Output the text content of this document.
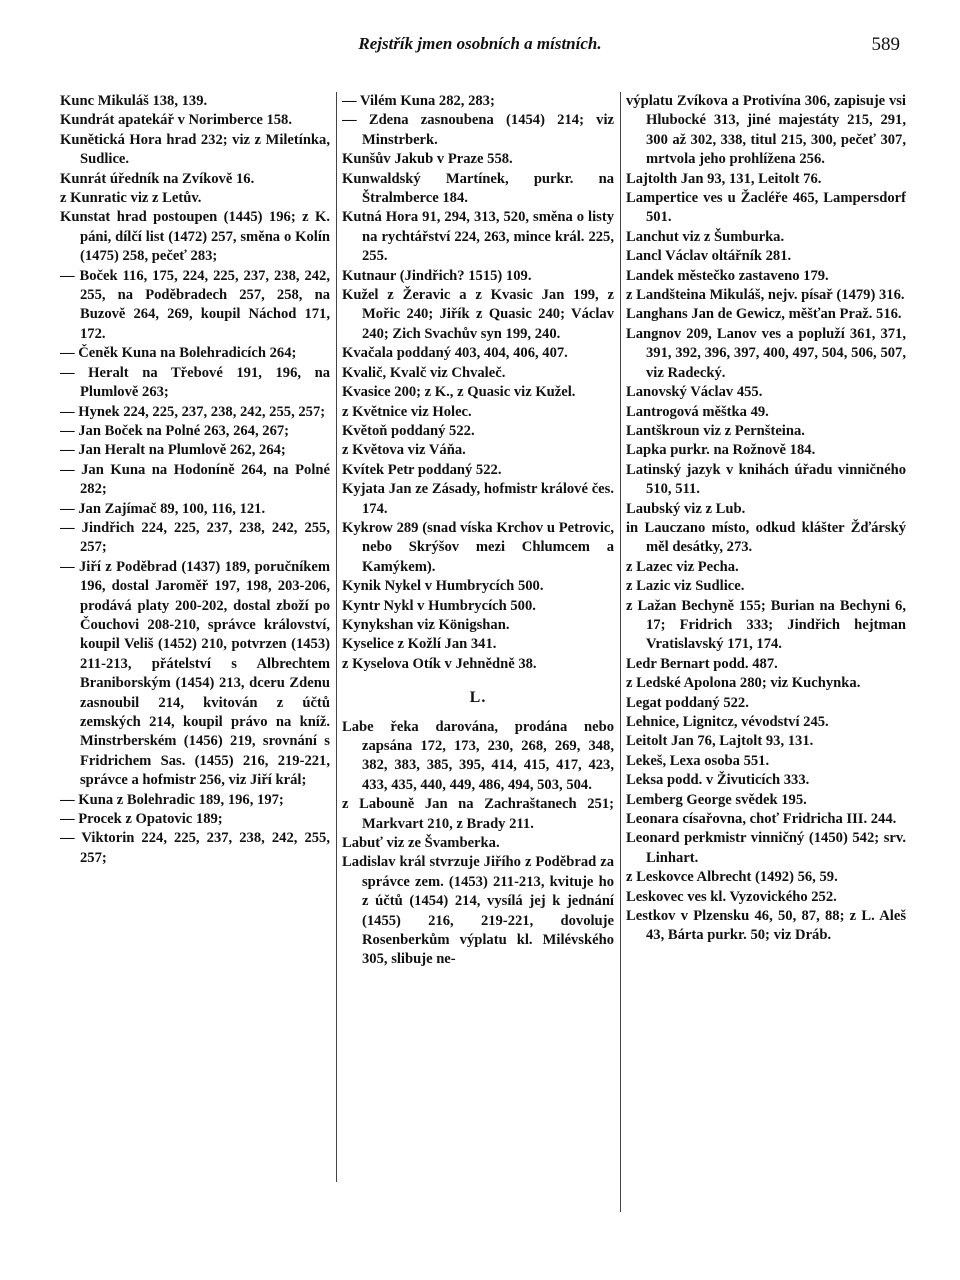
Rejstřík jmen osobních a místních.	589

Kunc Mikuláš 138, 139.

Kundrát apatekář v Norimberce 158.

Kunětická Hora hrad 232; viz z Miletínka, Sudlice.

Kunrát úředník na Zvíkově 16.

z Kunratic viz z Letův.

Kunstat hrad postoupen (1445) 196; z K. páni, dílčí list (1472) 257, směna o Kolín (1475) 258, pečeť 283;

— Boček 116, 175, 224, 225, 237, 238, 242, 255, na Poděbradech 257, 258, na Buzově 264, 269, koupil Náchod 171, 172.

— Čeněk Kuna na Bolehradicích 264;

— Heralt na Třebové 191, 196, na Plumlově 263;

— Hynek 224, 225, 237, 238, 242, 255, 257;

— Jan Boček na Polné 263, 264, 267;

— Jan Heralt na Plumlově 262, 264;

— Jan Kuna na Hodoníně 264, na Polné 282;

— Jan Zajímač 89, 100, 116, 121.

— Jindřich 224, 225, 237, 238, 242, 255, 257;

— Jiří z Poděbrad (1437) 189, poručníkem 196, dostal Jaroměř 197, 198, 203-206, prodává platy 200-202, dostal zboží po Čouchovi 208-210, správce království, koupil Veliš (1452) 210, potvrzen (1453) 211-213, přátelství s Albrechtem Braniborským (1454) 213, dceru Zdenu zasnoubil 214, kvitován z účtů zemských 214, koupil právo na kníž. Minstrberském (1456) 219, srovnání s Fridrichem Sas. (1455) 216, 219-221, správce a hofmistr 256, viz Jiří král;

— Kuna z Bolehradic 189, 196, 197;

— Procek z Opatovic 189;

— Viktorin 224, 225, 237, 238, 242, 255, 257;

— Vilém Kuna 282, 283;

— Zdena zasnoubena (1454) 214; viz Minstrberk.

Kunšův Jakub v Praze 558.

Kunwaldský Martínek, purkr. na Štralmberce 184.

Kutná Hora 91, 294, 313, 520, směna o listy na rychtářství 224, 263, mince král. 225, 255.

Kutnaur (Jindřich? 1515) 109.

Kužel z Žeravic a z Kvasic Jan 199, z Mořic 240; Jiřík z Quasic 240; Václav 240; Zich Svachův syn 199, 240.

Kvačala poddaný 403, 404, 406, 407.

Kvalič, Kvalč viz Chvaleč.

Kvasice 200; z K., z Quasic viz Kužel.

z Květnice viz Holec.

Květoň poddaný 522.

z Květova viz Váňa.

Kvítek Petr poddaný 522.

Kyjata Jan ze Zásady, hofmistr králové čes. 174.

Kykrow 289 (snad víska Krchov u Petrovic, nebo Skrýšov mezi Chlumcem a Kamýkem).

Kynik Nykel v Humbrycích 500.

Kyntr Nykl v Humbrycích 500.

Kynykshan viz Königshan.

Kyselice z Kožlí Jan 341.

z Kyselova Otík v Jehnědně 38.

L.

Labe řeka darována, prodána nebo zapsána 172, 173, 230, 268, 269, 348, 382, 383, 385, 395, 414, 415, 417, 423, 433, 435, 440, 449, 486, 494, 503, 504.

z Labouně Jan na Zachraštanech 251; Markvart 210, z Brady 211.

Labuť viz ze Švamberka.

Ladislav král stvrzuje Jiřího z Poděbrad za správce zem. (1453) 211-213, kvituje ho z účtů (1454) 214, vysílá jej k jednání (1455) 216, 219-221, dovoluje Rosenberkům výplatu kl. Milévského 305, slibuje ne-

výplatu Zvíkova a Protivína 306, zapisuje vsi Hlubocké 313, jiné majestáty 215, 291, 300 až 302, 338, titul 215, 300, pečeť 307, mrtvola jeho prohlížena 256.

Lajtolth Jan 93, 131, Leitolt 76.

Lampertice ves u Žacléře 465, Lampersdorf 501.

Lanchut viz z Šumburka.

Lancl Václav oltářník 281.

Landek městečko zastaveno 179.

z Landšteina Mikuláš, nejv. písař (1479) 316.

Langhans Jan de Gewicz, měšťan Praž. 516.

Langnov 209, Lanov ves a popluží 361, 371, 391, 392, 396, 397, 400, 497, 504, 506, 507, viz Radecký.

Lanovský Václav 455.

Lantrogová měštka 49.

Lantškroun viz z Pernšteina.

Lapka purkr. na Rožnově 184.

Latinský jazyk v knihách úřadu vinničného 510, 511.

Laubský viz z Lub.

in Lauczano místo, odkud klášter Žďárský měl desátky, 273.

z Lazec viz Pecha.

z Lazic viz Sudlice.

z Lažan Bechyně 155; Burian na Bechyni 6, 17; Fridrich 333; Jindřich hejtman Vratislavský 171, 174.

Ledr Bernart podd. 487.

z Ledské Apolona 280; viz Kuchynka.

Legat poddaný 522.

Lehnice, Lignitcz, vévodství 245.

Leitolt Jan 76, Lajtolt 93, 131.

Lekeš, Lexa osoba 551.

Leksa podd. v Živuticích 333.

Lemberg George svědek 195.

Leonara císařovna, choť Fridricha III. 244.

Leonard perkmistr vinničný (1450) 542; srv. Linhart.

z Leskovce Albrecht (1492) 56, 59.

Leskovec ves kl. Vyzovického 252.

Lestkov v Plzensku 46, 50, 87, 88; z L. Aleš 43, Bárta purkr. 50; viz Dráb.
